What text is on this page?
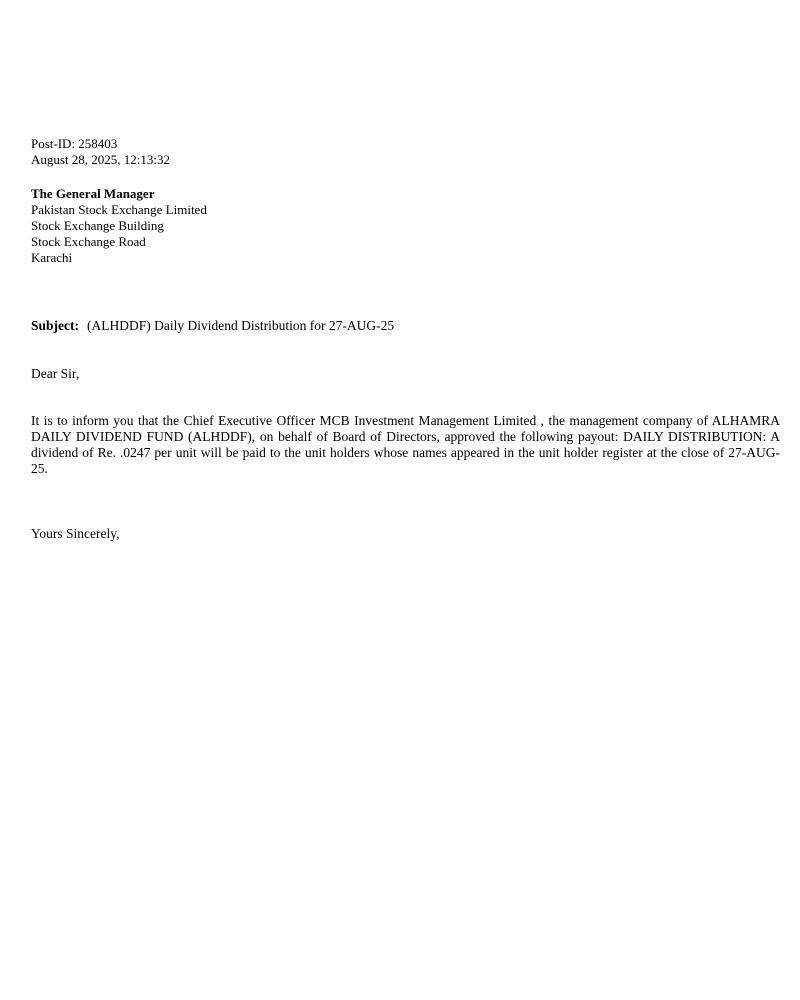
Post-ID: 258403
August 28, 2025, 12:13:32
The General Manager
Pakistan Stock Exchange Limited
Stock Exchange Building
Stock Exchange Road
Karachi
Subject: (ALHDDF) Daily Dividend Distribution for 27-AUG-25
Dear Sir,
It is to inform you that the Chief Executive Officer MCB Investment Management Limited , the management company of ALHAMRA DAILY DIVIDEND FUND (ALHDDF), on behalf of Board of Directors, approved the following payout: DAILY DISTRIBUTION: A dividend of Re. .0247 per unit will be paid to the unit holders whose names appeared in the unit holder register at the close of 27-AUG-25.
Yours Sincerely,
